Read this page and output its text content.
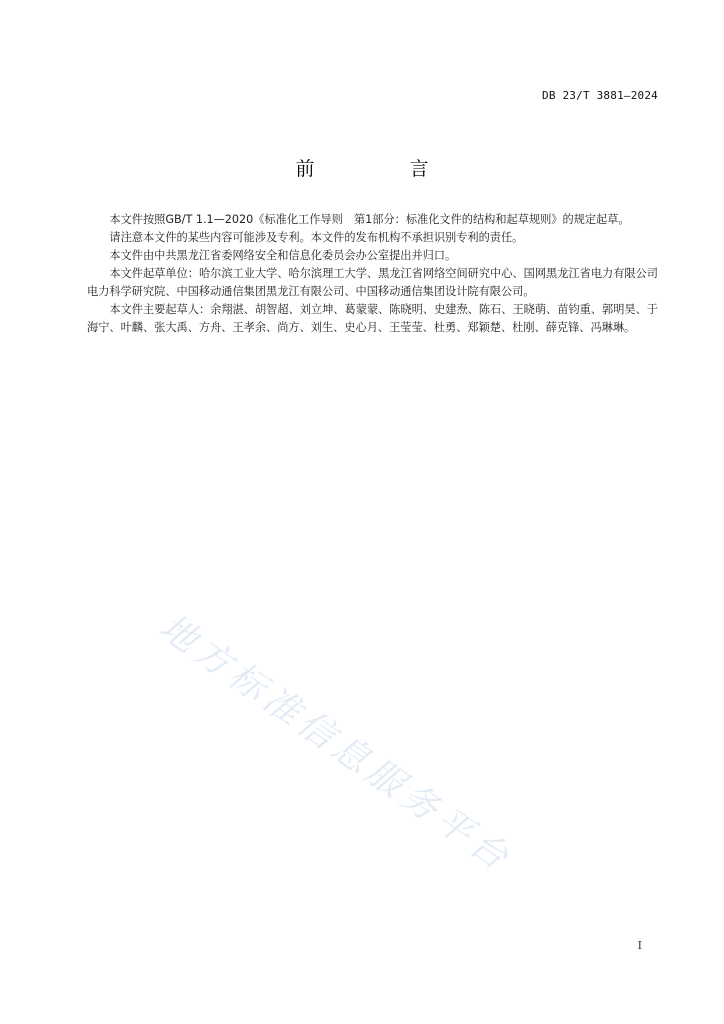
DB 23/T 3881—2024
前　言

本文件按照GB/T 1.1—2020《标准化工作导则　第1部分：标准化文件的结构和起草规则》的规定起草。

请注意本文件的某些内容可能涉及专利。本文件的发布机构不承担识别专利的责任。

本文件由中共黑龙江省委网络安全和信息化委员会办公室提出并归口。

本文件起草单位：哈尔滨工业大学、哈尔滨理工大学、黑龙江省网络空间研究中心、国网黑龙江省电力有限公司电力科学研究院、中国移动通信集团黑龙江有限公司、中国移动通信集团设计院有限公司。

本文件主要起草人：余翔湛、胡智超、刘立坤、葛蒙蒙、陈晓明、史建焘、陈石、王晓萌、苗钧重、郭明昊、于海宁、叶麟、张大禹、方舟、王孝余、尚方、刘生、史心月、王莹莹、杜勇、郑颖楚、杜刚、薛克锋、冯琳琳。

地方标准信息服务平台
I
